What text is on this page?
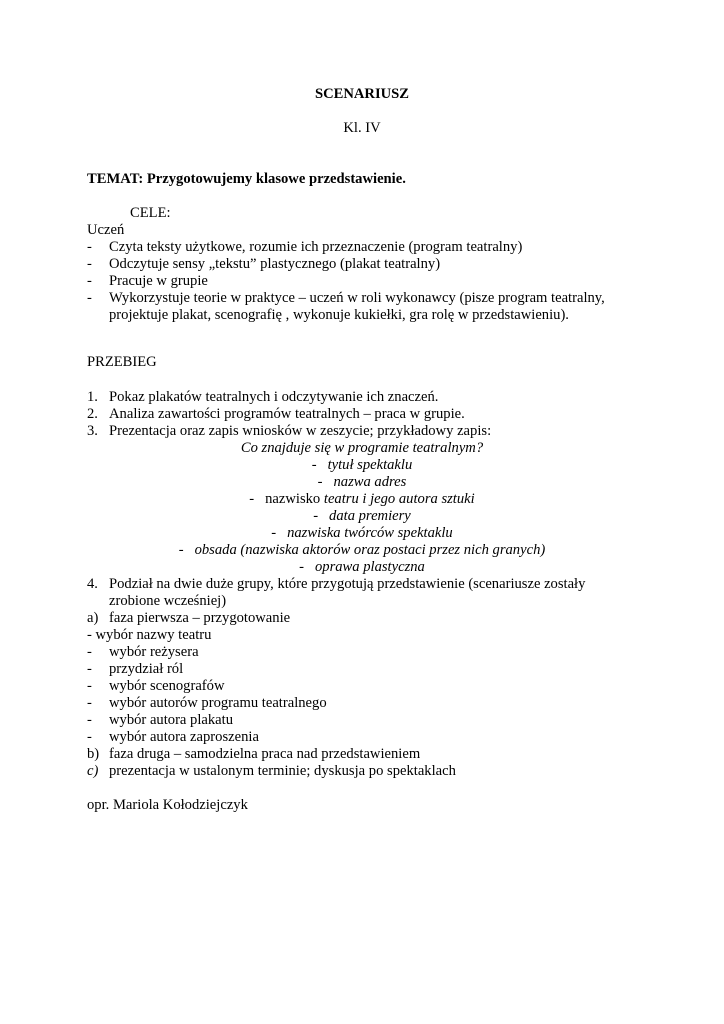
SCENARIUSZ
Kl. IV
TEMAT: Przygotowujemy klasowe przedstawienie.
CELE:
Uczeń
- Czyta teksty użytkowe, rozumie ich przeznaczenie (program teatralny)
- Odczytuje sensy „tekstu” plastycznego (plakat teatralny)
- Pracuje w grupie
- Wykorzystuje teorie w praktyce – uczeń w roli wykonawcy (pisze program teatralny,
projektuje plakat, scenografię , wykonuje kukiełki, gra rolę w przedstawieniu).
PRZEBIEG
1. Pokaz plakatów teatralnych i odczytywanie ich znaczeń.
2. Analiza zawartości programów teatralnych – praca w grupie.
3. Prezentacja oraz zapis wniosków w zeszycie; przykładowy zapis:
Co znajduje się w programie teatralnym?
- tytuł spektaklu
- nazwa adres
- nazwisko teatru i jego autora sztuki
- data premiery
- nazwiska twórców spektaklu
- obsada (nazwiska aktorów oraz postaci przez nich granych)
- oprawa plastyczna
4. Podział na dwie duże grupy, które przygotują przedstawienie (scenariusze zostały
zrobione wcześniej)
a) faza pierwsza – przygotowanie
- wybór nazwy teatru
- wybór reżysera
- przydział ról
- wybór scenografów
- wybór autorów programu teatralnego
- wybór autora plakatu
- wybór autora zaproszenia
b) faza druga – samodzielna praca nad przedstawieniem
c) prezentacja w ustalonym terminie; dyskusja po spektaklach
opr. Mariola Kołodziejczyk
